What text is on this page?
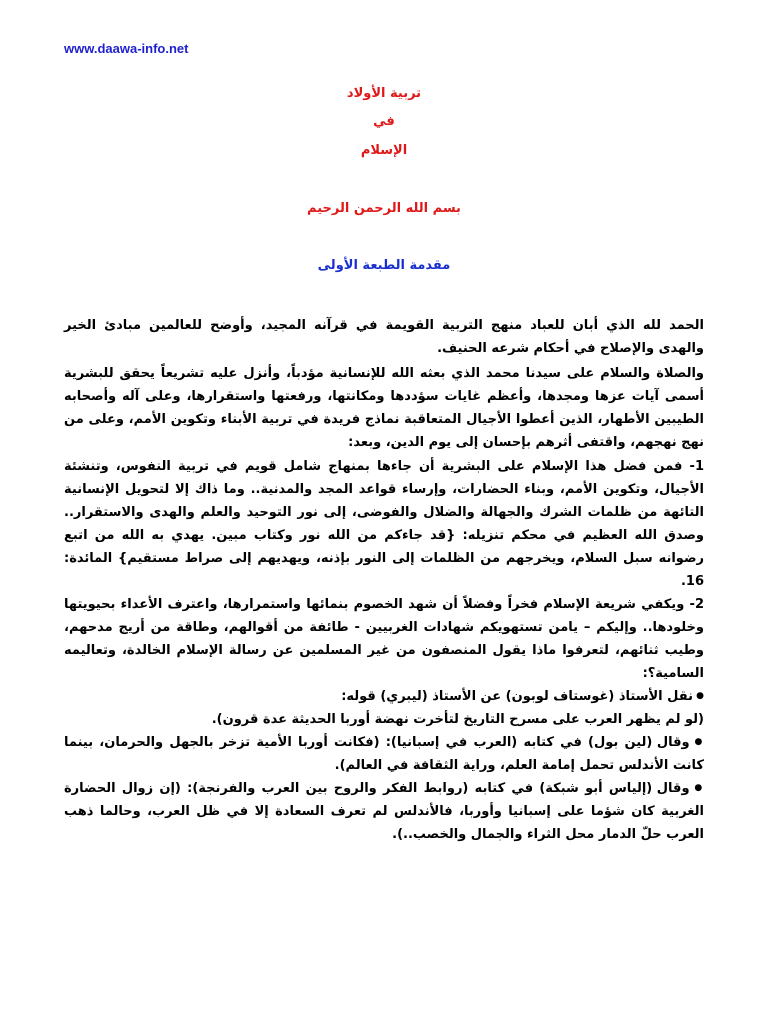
www.daawa-info.net
تربية الأولاد
في
الإسلام
بسم الله الرحمن الرحيم
مقدمة الطبعة الأولى

الحمد لله الذي أبان للعباد منهج التربية القويمة في قرآنه المجيد، وأوضح للعالمين مبادئ الخير والهدى والإصلاح في أحكام شرعه الحنيف.

والصلاة والسلام على سيدنا محمد الذي بعثه الله للإنسانية مؤدباً، وأنزل عليه تشريعاً يحقق للبشرية أسمى آيات عزها ومجدها، وأعظم غايات سؤددها ومكانتها، ورفعتها واستقرارها، وعلى آله وأصحابه الطيبين الأطهار، الذين أعطوا الأجيال المتعاقبة نماذج فريدة في تربية الأبناء وتكوين الأمم، وعلى من نهج نهجهم، واقتفى أثرهم بإحسان إلى يوم الدين، وبعد:

1- فمن فضل هذا الإسلام على البشرية أن جاءها بمنهاج شامل قويم في تربية النفوس، وتنشئة الأجيال، وتكوين الأمم، وبناء الحضارات، وإرساء قواعد المجد والمدنية.. وما ذاك إلا لتحويل الإنسانية التائهة من ظلمات الشرك والجهالة والضلال والفوضى، إلى نور التوحيد والعلم والهدى والاستقرار.. وصدق الله العظيم في محكم تنزيله: {قد جاءكم من الله نور وكتاب مبين. يهدي به الله من اتبع رضوانه سبل السلام، ويخرجهم من الظلمات إلى النور بإذنه، ويهديهم إلى صراط مستقيم} المائدة: 16.

2- ويكفي شريعة الإسلام فخراً وفضلاً أن شهد الخصوم بنمائها واستمرارها، واعترف الأعداء بحيويتها وخلودها.. وإليكم – يامن تستهويكم شهادات الغربيين - طائفة من أقوالهم، وطاقة من أريج مدحهم، وطيب ثنائهم، لتعرفوا ماذا يقول المنصفون من غير المسلمين عن رسالة الإسلام الخالدة، وتعاليمه السامية؟:

● نقل الأستاذ (غوستاف لوبون) عن الأستاذ (ليبري) قوله:

(لو لم يظهر العرب على مسرح التاريخ لتأخرت نهضة أوربا الحديثة عدة قرون).

● وقال (لين بول) في كتابه (العرب في إسبانيا): (فكانت أوربا الأمية تزخر بالجهل والحرمان، بينما كانت الأندلس تحمل إمامة العلم، وراية الثقافة في العالم).

● وقال (إلياس أبو شبكة) في كتابه (روابط الفكر والروح بين العرب والفرنجة): (إن زوال الحضارة الغربية كان شؤما على إسبانيا وأوربا، فالأندلس لم تعرف السعادة إلا في ظل العرب، وحالما ذهب العرب حلّ الدمار محل الثراء والجمال والخصب..).
